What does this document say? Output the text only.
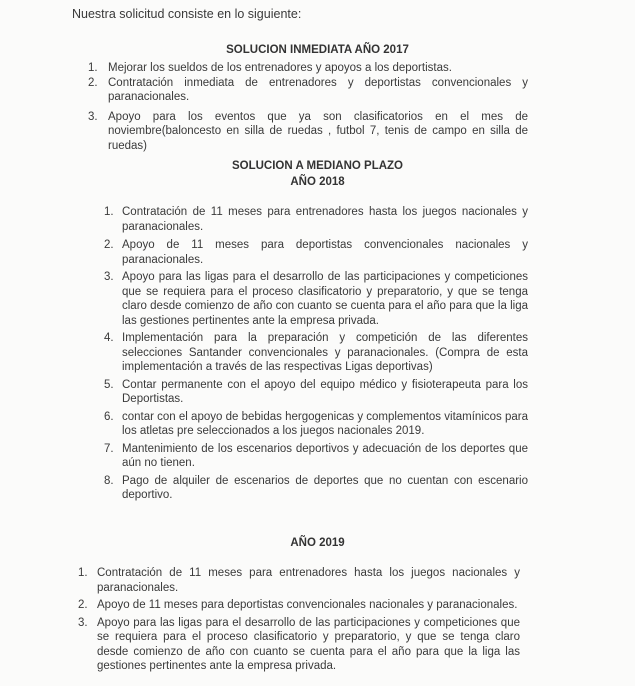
Nuestra solicitud consiste en lo siguiente:
SOLUCION INMEDIATA AÑO 2017
1. Mejorar los sueldos de los entrenadores y apoyos a los deportistas.
2. Contratación inmediata de entrenadores y deportistas convencionales y paranacionales.
3. Apoyo para los eventos que ya son clasificatorios en el mes de noviembre(baloncesto en silla de ruedas , futbol 7, tenis de campo en silla de ruedas)
SOLUCION A MEDIANO PLAZO
AÑO 2018
1. Contratación de 11 meses para entrenadores hasta los juegos nacionales y paranacionales.
2. Apoyo de 11 meses para deportistas convencionales nacionales y paranacionales.
3. Apoyo para las ligas para el desarrollo de las participaciones y competiciones que se requiera para el proceso clasificatorio y preparatorio, y que se tenga claro desde comienzo de año con cuanto se cuenta para el año para que la liga las gestiones pertinentes ante la empresa privada.
4. Implementación para la preparación y competición de las diferentes selecciones Santander convencionales y paranacionales. (Compra de esta implementación a través de las respectivas Ligas deportivas)
5. Contar permanente con el apoyo del equipo médico y fisioterapeuta para los Deportistas.
6. contar con el apoyo de bebidas hergogenicas y complementos vitamínicos para los atletas pre seleccionados a los juegos nacionales 2019.
7. Mantenimiento de los escenarios deportivos y adecuación de los deportes que aún no tienen.
8. Pago de alquiler de escenarios de deportes que no cuentan con escenario deportivo.
AÑO 2019
1. Contratación de 11 meses para entrenadores hasta los juegos nacionales y paranacionales.
2. Apoyo de 11 meses para deportistas convencionales nacionales y paranacionales.
3. Apoyo para las ligas para el desarrollo de las participaciones y competiciones que se requiera para el proceso clasificatorio y preparatorio, y que se tenga claro desde comienzo de año con cuanto se cuenta para el año para que la liga las gestiones pertinentes ante la empresa privada.
